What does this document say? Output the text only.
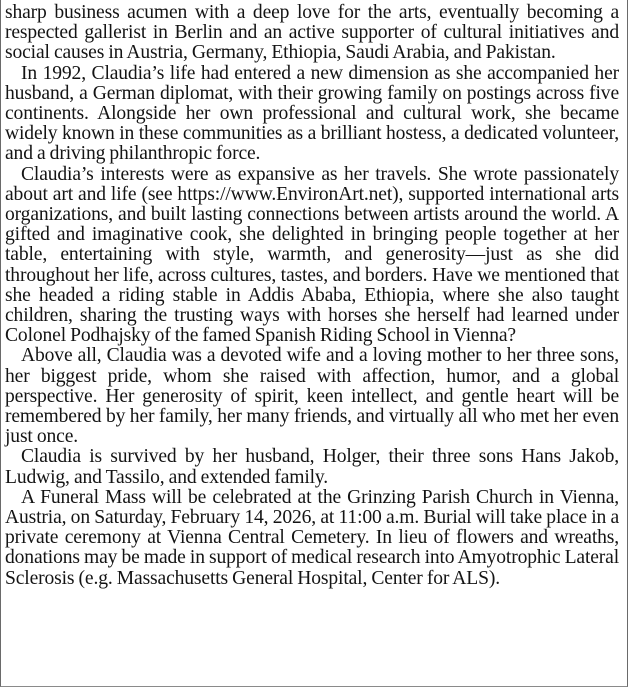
sharp business acumen with a deep love for the arts, eventually becoming a respected gallerist in Berlin and an active supporter of cultural initiatives and social causes in Austria, Germany, Ethiopia, Saudi Arabia, and Pakistan.

In 1992, Claudia’s life had entered a new dimension as she accompanied her husband, a German diplomat, with their growing family on postings across five continents. Alongside her own professional and cultural work, she became widely known in these communities as a brilliant hostess, a dedicated volunteer, and a driving philanthropic force.

Claudia’s interests were as expansive as her travels. She wrote passionately about art and life (see https://www.EnvironArt.net), supported international arts organizations, and built lasting connections between artists around the world. A gifted and imaginative cook, she delighted in bringing people together at her table, entertaining with style, warmth, and generosity—just as she did throughout her life, across cultures, tastes, and borders. Have we mentioned that she headed a riding stable in Addis Ababa, Ethiopia, where she also taught children, sharing the trusting ways with horses she herself had learned under Colonel Podhajsky of the famed Spanish Riding School in Vienna?

Above all, Claudia was a devoted wife and a loving mother to her three sons, her biggest pride, whom she raised with affection, humor, and a global perspective. Her generosity of spirit, keen intellect, and gentle heart will be remembered by her family, her many friends, and virtually all who met her even just once.

Claudia is survived by her husband, Holger, their three sons Hans Jakob, Ludwig, and Tassilo, and extended family.

A Funeral Mass will be celebrated at the Grinzing Parish Church in Vienna, Austria, on Saturday, February 14, 2026, at 11:00 a.m. Burial will take place in a private ceremony at Vienna Central Cemetery. In lieu of flowers and wreaths, donations may be made in support of medical research into Amyotrophic Lateral Sclerosis (e.g. Massachusetts General Hospital, Center for ALS).
